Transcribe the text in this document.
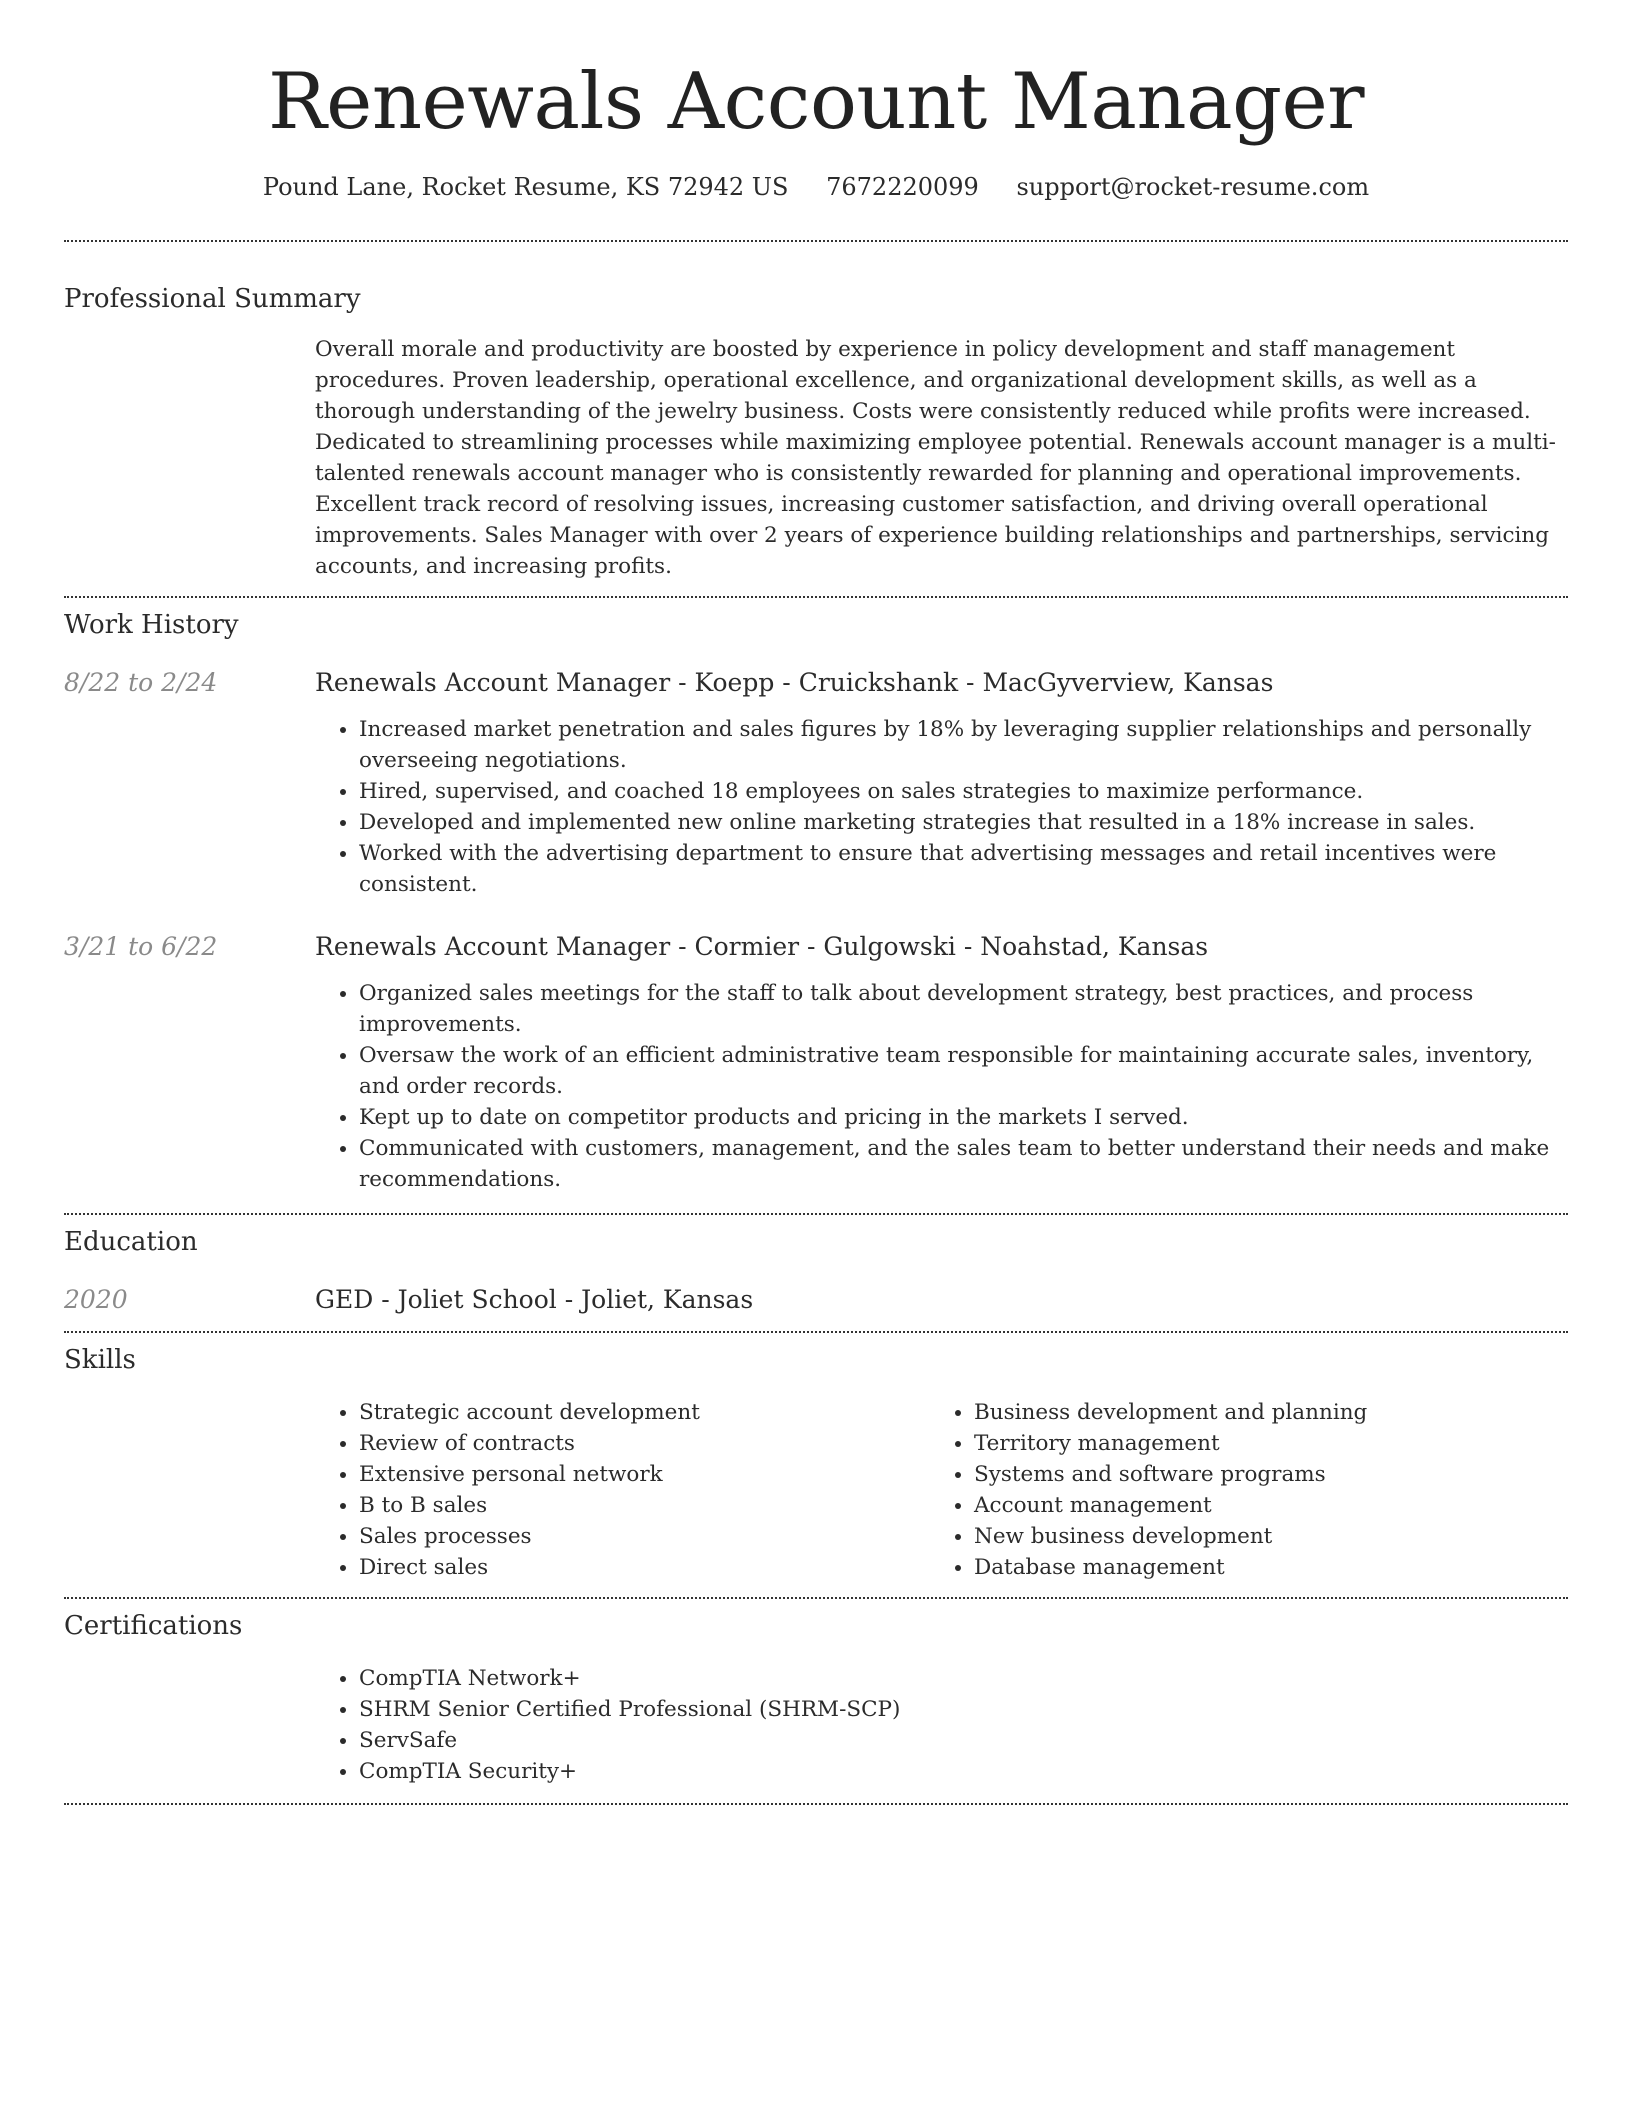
Renewals Account Manager
Pound Lane, Rocket Resume, KS 72942 US 7672220099 support@rocket-resume.com
Professional Summary
Overall morale and productivity are boosted by experience in policy development and staff management procedures. Proven leadership, operational excellence, and organizational development skills, as well as a thorough understanding of the jewelry business. Costs were consistently reduced while profits were increased. Dedicated to streamlining processes while maximizing employee potential. Renewals account manager is a multi-talented renewals account manager who is consistently rewarded for planning and operational improvements. Excellent track record of resolving issues, increasing customer satisfaction, and driving overall operational improvements. Sales Manager with over 2 years of experience building relationships and partnerships, servicing accounts, and increasing profits.
Work History
8/22 to 2/24	Renewals Account Manager - Koepp - Cruickshank - MacGyverview, Kansas
• Increased market penetration and sales figures by 18% by leveraging supplier relationships and personally overseeing negotiations.
• Hired, supervised, and coached 18 employees on sales strategies to maximize performance.
• Developed and implemented new online marketing strategies that resulted in a 18% increase in sales.
• Worked with the advertising department to ensure that advertising messages and retail incentives were consistent.
3/21 to 6/22	Renewals Account Manager - Cormier - Gulgowski - Noahstad, Kansas
• Organized sales meetings for the staff to talk about development strategy, best practices, and process improvements.
• Oversaw the work of an efficient administrative team responsible for maintaining accurate sales, inventory, and order records.
• Kept up to date on competitor products and pricing in the markets I served.
• Communicated with customers, management, and the sales team to better understand their needs and make recommendations.
Education
2020	GED - Joliet School - Joliet, Kansas
Skills
• Strategic account development
• Review of contracts
• Extensive personal network
• B to B sales
• Sales processes
• Direct sales
• Business development and planning
• Territory management
• Systems and software programs
• Account management
• New business development
• Database management
Certifications
• CompTIA Network+
• SHRM Senior Certified Professional (SHRM-SCP)
• ServSafe
• CompTIA Security+
